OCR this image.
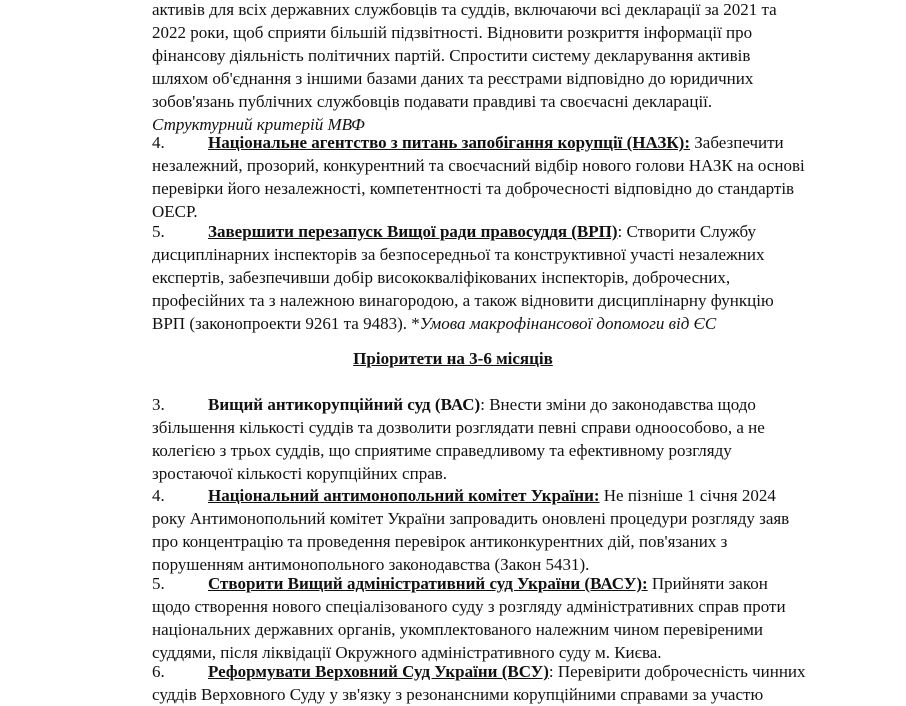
активів для всіх державних службовців та суддів, включаючи всі декларації за 2021 та
2022 роки, щоб сприяти більшій підзвітності. Відновити розкриття інформації про
фінансову діяльність політичних партій. Спростити систему декларування активів
шляхом об'єднання з іншими базами даних та реєстрами відповідно до юридичних
зобов'язань публічних службовців подавати правдиві та своєчасні декларації.
Структурний критерій МВФ
4.	Національне агентство з питань запобігання корупції (НАЗК): Забезпечити
незалежний, прозорий, конкурентний та своєчасний відбір нового голови НАЗК на основі
перевірки його незалежності, компетентності та доброчесності відповідно до стандартів
ОЕСР.
5.	Завершити перезапуск Вищої ради правосуддя (ВРП): Створити Службу
дисциплінарних інспекторів за безпосередньої та конструктивної участі незалежних
експертів, забезпечивши добір висококваліфікованих інспекторів, доброчесних,
професійних та з належною винагородою, а також відновити дисциплінарну функцію
ВРП (законопроекти 9261 та 9483). *Умова макрофінансової допомоги від ЄС
Пріоритети на 3-6 місяців
3.	Вищий антикорупційний суд (ВАС): Внести зміни до законодавства щодо
збільшення кількості суддів та дозволити розглядати певні справи одноособово, а не
колегією з трьох суддів, що сприятиме справедливому та ефективному розгляду
зростаючої кількості корупційних справ.
4.	Національний антимонопольний комітет України: Не пізніше 1 січня 2024
року Антимонопольний комітет України запровадить оновлені процедури розгляду заяв
про концентрацію та проведення перевірок антиконкурентних дій, пов'язаних з
порушенням антимонопольного законодавства (Закон 5431).
5.	Створити Вищий адміністративний суд України (ВАСУ): Прийняти закон
щодо створення нового спеціалізованого суду з розгляду адміністративних справ проти
національних державних органів, укомплектованого належним чином перевіреними
суддями, після ліквідації Окружного адміністративного суду м. Києва.
6.	Реформувати Верховний Суд України (ВСУ): Перевірити доброчесність чинних
суддів Верховного Суду у зв'язку з резонансними корупційними справами за участю
